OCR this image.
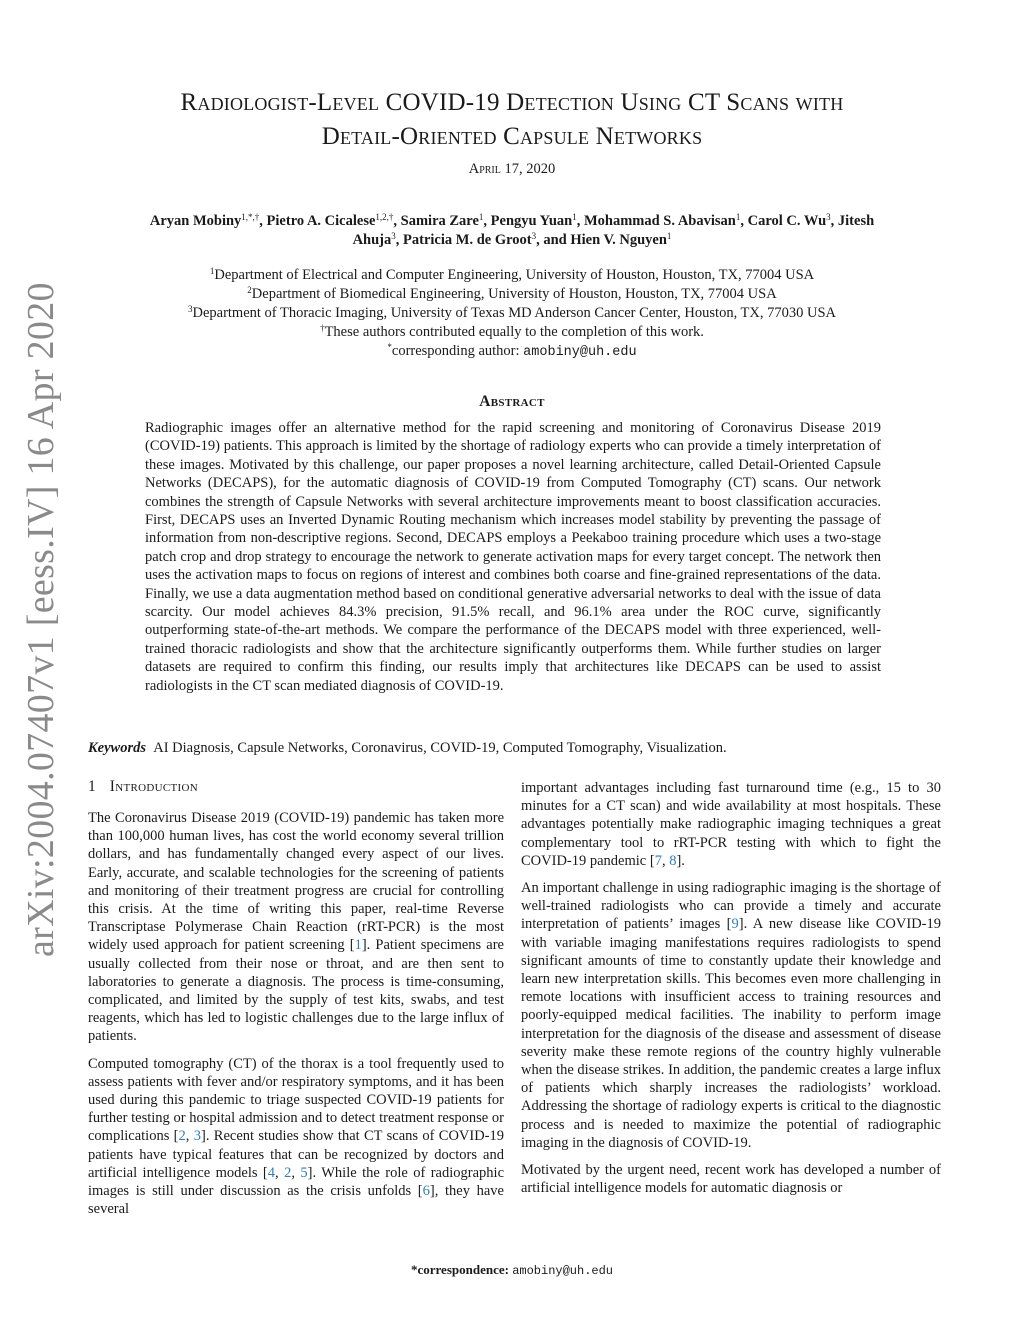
arXiv:2004.07407v1 [eess.IV] 16 Apr 2020
Radiologist-Level COVID-19 Detection Using CT Scans with
Detail-Oriented Capsule Networks
April 17, 2020
Aryan Mobiny$^{1,*,\dagger}$, Pietro A. Cicalese$^{1,2,\dagger}$, Samira Zare$^1$, Pengyu Yuan$^1$, Mohammad S. Abavisan$^1$, Carol C. Wu$^3$, Jitesh
Ahuja$^3$, Patricia M. de Groot$^3$, and Hien V. Nguyen$^1$
$^1$Department of Electrical and Computer Engineering, University of Houston, Houston, TX, 77004 USA
$^2$Department of Biomedical Engineering, University of Houston, Houston, TX, 77004 USA
$^3$Department of Thoracic Imaging, University of Texas MD Anderson Cancer Center, Houston, TX, 77030 USA
†These authors contributed equally to the completion of this work.
*corresponding author: amobiny@uh.edu
Abstract
Radiographic images offer an alternative method for the rapid screening and monitoring of Coronavirus Disease 2019 (COVID-19) patients. This approach is limited by the shortage of radiology experts who can provide a timely interpretation of these images. Motivated by this challenge, our paper proposes a novel learning architecture, called Detail-Oriented Capsule Networks (DECAPS), for the automatic diagnosis of COVID-19 from Computed Tomography (CT) scans. Our network combines the strength of Capsule Networks with several architecture improvements meant to boost classification accuracies. First, DECAPS uses an Inverted Dynamic Routing mechanism which increases model stability by preventing the passage of information from non-descriptive regions. Second, DECAPS employs a Peekaboo training procedure which uses a two-stage patch crop and drop strategy to encourage the network to generate activation maps for every target concept. The network then uses the activation maps to focus on regions of interest and combines both coarse and fine-grained representations of the data. Finally, we use a data augmentation method based on conditional generative adversarial networks to deal with the issue of data scarcity. Our model achieves 84.3% precision, 91.5% recall, and 96.1% area under the ROC curve, significantly outperforming state-of-the-art methods. We compare the performance of the DECAPS model with three experienced, well-trained thoracic radiologists and show that the architecture significantly outperforms them. While further studies on larger datasets are required to confirm this finding, our results imply that architectures like DECAPS can be used to assist radiologists in the CT scan mediated diagnosis of COVID-19.
Keywords AI Diagnosis, Capsule Networks, Coronavirus, COVID-19, Computed Tomography, Visualization.
1 Introduction

The Coronavirus Disease 2019 (COVID-19) pandemic has taken more than 100,000 human lives, has cost the world economy several trillion dollars, and has fundamentally changed every aspect of our lives. Early, accurate, and scalable technologies for the screening of patients and monitoring of their treatment progress are crucial for controlling this crisis. At the time of writing this paper, real-time Reverse Transcriptase Polymerase Chain Reaction (rRT-PCR) is the most widely used approach for patient screening [1]. Patient specimens are usually collected from their nose or throat, and are then sent to laboratories to generate a diagnosis. The process is time-consuming, complicated, and limited by the supply of test kits, swabs, and test reagents, which has led to logistic challenges due to the large influx of patients.

Computed tomography (CT) of the thorax is a tool frequently used to assess patients with fever and/or respiratory symptoms, and it has been used during this pandemic to triage suspected COVID-19 patients for further testing or hospital admission and to detect treatment response or complications [2, 3]. Recent studies show that CT scans of COVID-19 patients have typical features that can be recognized by doctors and artificial intelligence models [4, 2, 5]. While the role of radiographic images is still under discussion as the crisis unfolds [6], they have several

important advantages including fast turnaround time (e.g., 15 to 30 minutes for a CT scan) and wide availability at most hospitals. These advantages potentially make radiographic imaging techniques a great complementary tool to rRT-PCR testing with which to fight the COVID-19 pandemic [7, 8].

An important challenge in using radiographic imaging is the shortage of well-trained radiologists who can provide a timely and accurate interpretation of patients’ images [9]. A new disease like COVID-19 with variable imaging manifestations requires radiologists to spend significant amounts of time to constantly update their knowledge and learn new interpretation skills. This becomes even more challenging in remote locations with insufficient access to training resources and poorly-equipped medical facilities. The inability to perform image interpretation for the diagnosis of the disease and assessment of disease severity make these remote regions of the country highly vulnerable when the disease strikes. In addition, the pandemic creates a large influx of patients which sharply increases the radiologists’ workload. Addressing the shortage of radiology experts is critical to the diagnostic process and is needed to maximize the potential of radiographic imaging in the diagnosis of COVID-19.

Motivated by the urgent need, recent work has developed a number of artificial intelligence models for automatic diagnosis or

*correspondence: amobiny@uh.edu
